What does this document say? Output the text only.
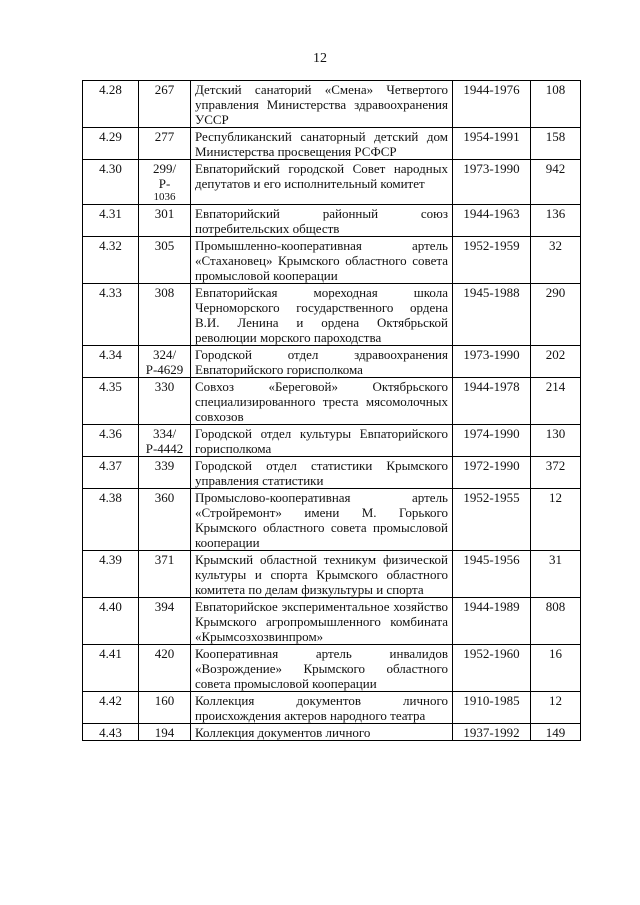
12
4.28	267	Детский санаторий «Смена» Четвертого управления Министерства здравоохранения УССР	1944-1976	108
4.29	277	Республиканский санаторный детский дом Министерства просвещения РСФСР	1954-1991	158
4.30	299/
Р-
1036	Евпаторийский городской Совет народных депутатов и его исполнительный комитет	1973-1990	942
4.31	301	Евпаторийский районный союз потребительских обществ	1944-1963	136
4.32	305	Промышленно-кооперативная артель «Стахановец» Крымского областного совета промысловой кооперации	1952-1959	32
4.33	308	Евпаторийская мореходная школа Черноморского государственного ордена В.И. Ленина и ордена Октябрьской революции морского пароходства	1945-1988	290
4.34	324/
Р-4629	Городской отдел здравоохранения Евпаторийского горисполкома	1973-1990	202
4.35	330	Совхоз «Береговой» Октябрьского специализированного треста мясомолочных совхозов	1944-1978	214
4.36	334/
Р-4442	Городской отдел культуры Евпаторийского горисполкома	1974-1990	130
4.37	339	Городской отдел статистики Крымского управления статистики	1972-1990	372
4.38	360	Промыслово-кооперативная артель «Стройремонт» имени М. Горького Крымского областного совета промысловой кооперации	1952-1955	12
4.39	371	Крымский областной техникум физической культуры и спорта Крымского областного комитета по делам физкультуры и спорта	1945-1956	31
4.40	394	Евпаторийское экспериментальное хозяйство Крымского агропромышленного комбината «Крымсозхозвинпром»	1944-1989	808
4.41	420	Кооперативная артель инвалидов «Возрождение» Крымского областного совета промысловой кооперации	1952-1960	16
4.42	160	Коллекция документов личного происхождения актеров народного театра	1910-1985	12
4.43	194	Коллекция документов личного	1937-1992	149
